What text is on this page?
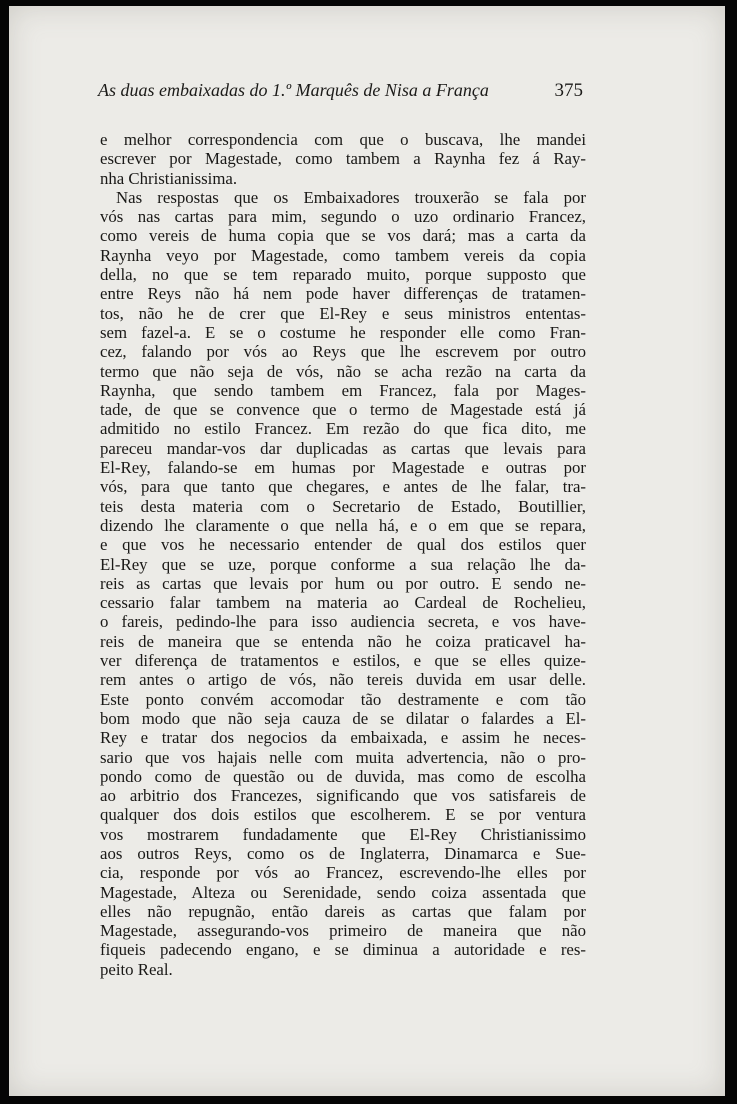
As duas embaixadas do 1.º Marquês de Nisa a França	375
e melhor correspondencia com que o buscava, lhe mandei
escrever por Magestade, como tambem a Raynha fez á Ray-
nha Christianissima.
Nas respostas que os Embaixadores trouxerão se fala por
vós nas cartas para mim, segundo o uzo ordinario Francez,
como vereis de huma copia que se vos dará; mas a carta da
Raynha veyo por Magestade, como tambem vereis da copia
della, no que se tem reparado muito, porque supposto que
entre Reys não há nem pode haver differenças de tratamen-
tos, não he de crer que El-Rey e seus ministros ententas-
sem fazel-a. E se o costume he responder elle como Fran-
cez, falando por vós ao Reys que lhe escrevem por outro
termo que não seja de vós, não se acha rezão na carta da
Raynha, que sendo tambem em Francez, fala por Mages-
tade, de que se convence que o termo de Magestade está já
admitido no estilo Francez. Em rezão do que fica dito, me
pareceu mandar-vos dar duplicadas as cartas que levais para
El-Rey, falando-se em humas por Magestade e outras por
vós, para que tanto que chegares, e antes de lhe falar, tra-
teis desta materia com o Secretario de Estado, Boutillier,
dizendo lhe claramente o que nella há, e o em que se repara,
e que vos he necessario entender de qual dos estilos quer
El-Rey que se uze, porque conforme a sua relação lhe da-
reis as cartas que levais por hum ou por outro. E sendo ne-
cessario falar tambem na materia ao Cardeal de Rochelieu,
o fareis, pedindo-lhe para isso audiencia secreta, e vos have-
reis de maneira que se entenda não he coiza praticavel ha-
ver diferença de tratamentos e estilos, e que se elles quize-
rem antes o artigo de vós, não tereis duvida em usar delle.
Este ponto convém accomodar tão destramente e com tão
bom modo que não seja cauza de se dilatar o falardes a El-
Rey e tratar dos negocios da embaixada, e assim he neces-
sario que vos hajais nelle com muita advertencia, não o pro-
pondo como de questão ou de duvida, mas como de escolha
ao arbitrio dos Francezes, significando que vos satisfareis de
qualquer dos dois estilos que escolherem. E se por ventura
vos mostrarem fundadamente que El-Rey Christianissimo
aos outros Reys, como os de Inglaterra, Dinamarca e Sue-
cia, responde por vós ao Francez, escrevendo-lhe elles por
Magestade, Alteza ou Serenidade, sendo coiza assentada que
elles não repugnão, então dareis as cartas que falam por
Magestade, assegurando-vos primeiro de maneira que não
fiqueis padecendo engano, e se diminua a autoridade e res-
peito Real.
